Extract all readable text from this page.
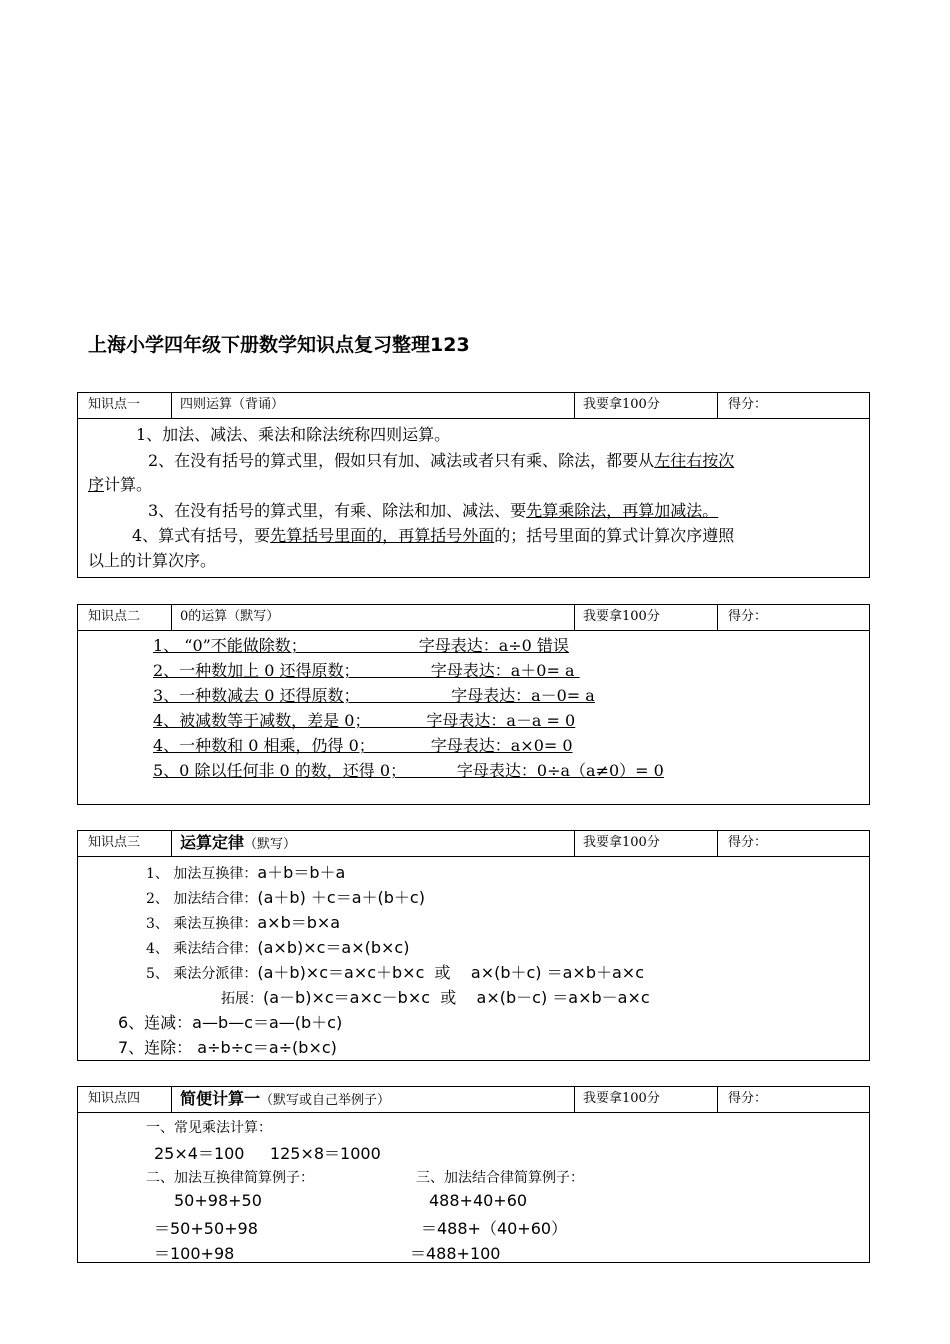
上海小学四年级下册数学知识点复习整理123
知识点一	四则运算（背诵）	我要拿100分	得分：
1、加法、减法、乘法和除法统称四则运算。
2、在没有括号的算式里，假如只有加、减法或者只有乘、除法，都要从左往右按次
序计算。
3、在没有括号的算式里，有乘、除法和加、减法、要先算乘除法，再算加减法。
4、算式有括号，要先算括号里面的，再算括号外面的；括号里面的算式计算次序遵照
以上的计算次序。
知识点二	0的运算（默写）	我要拿100分	得分：
1、 “0”不能做除数；                      字母表达：a÷0 错误
2、一种数加上 0 还得原数；              字母表达：a＋0= a
3、一种数减去 0 还得原数；                  字母表达：a－0= a
4、被减数等于减数，差是 0；           字母表达：a－a = 0
4、一种数和 0 相乘，仍得 0；           字母表达：a×0= 0
5、0 除以任何非 0 的数，还得 0；          字母表达：0÷a（a≠0）= 0
知识点三	运算定律（默写）	我要拿100分	得分：
1、 加法互换律：a＋b＝b＋a
2、 加法结合律：(a＋b) ＋c＝a＋(b＋c)
3、 乘法互换律：a×b＝b×a
4、 乘法结合律：(a×b)×c＝a×(b×c)
5、 乘法分派律：(a＋b)×c＝a×c＋b×c  或    a×(b＋c) ＝a×b＋a×c
拓展：(a－b)×c＝a×c－b×c  或    a×(b－c) ＝a×b－a×c
6、连减：a—b—c＝a—(b＋c)
7、连除： a÷b÷c＝a÷(b×c)
知识点四	简便计算一（默写或自己举例子）	我要拿100分	得分：
一、常见乘法计算：
25×4＝100     125×8＝1000
二、加法互换律简算例子：	三、加法结合律简算例子：
50+98+50	488+40+60
＝50+50+98	＝488+（40+60）
＝100+98	＝488+100
